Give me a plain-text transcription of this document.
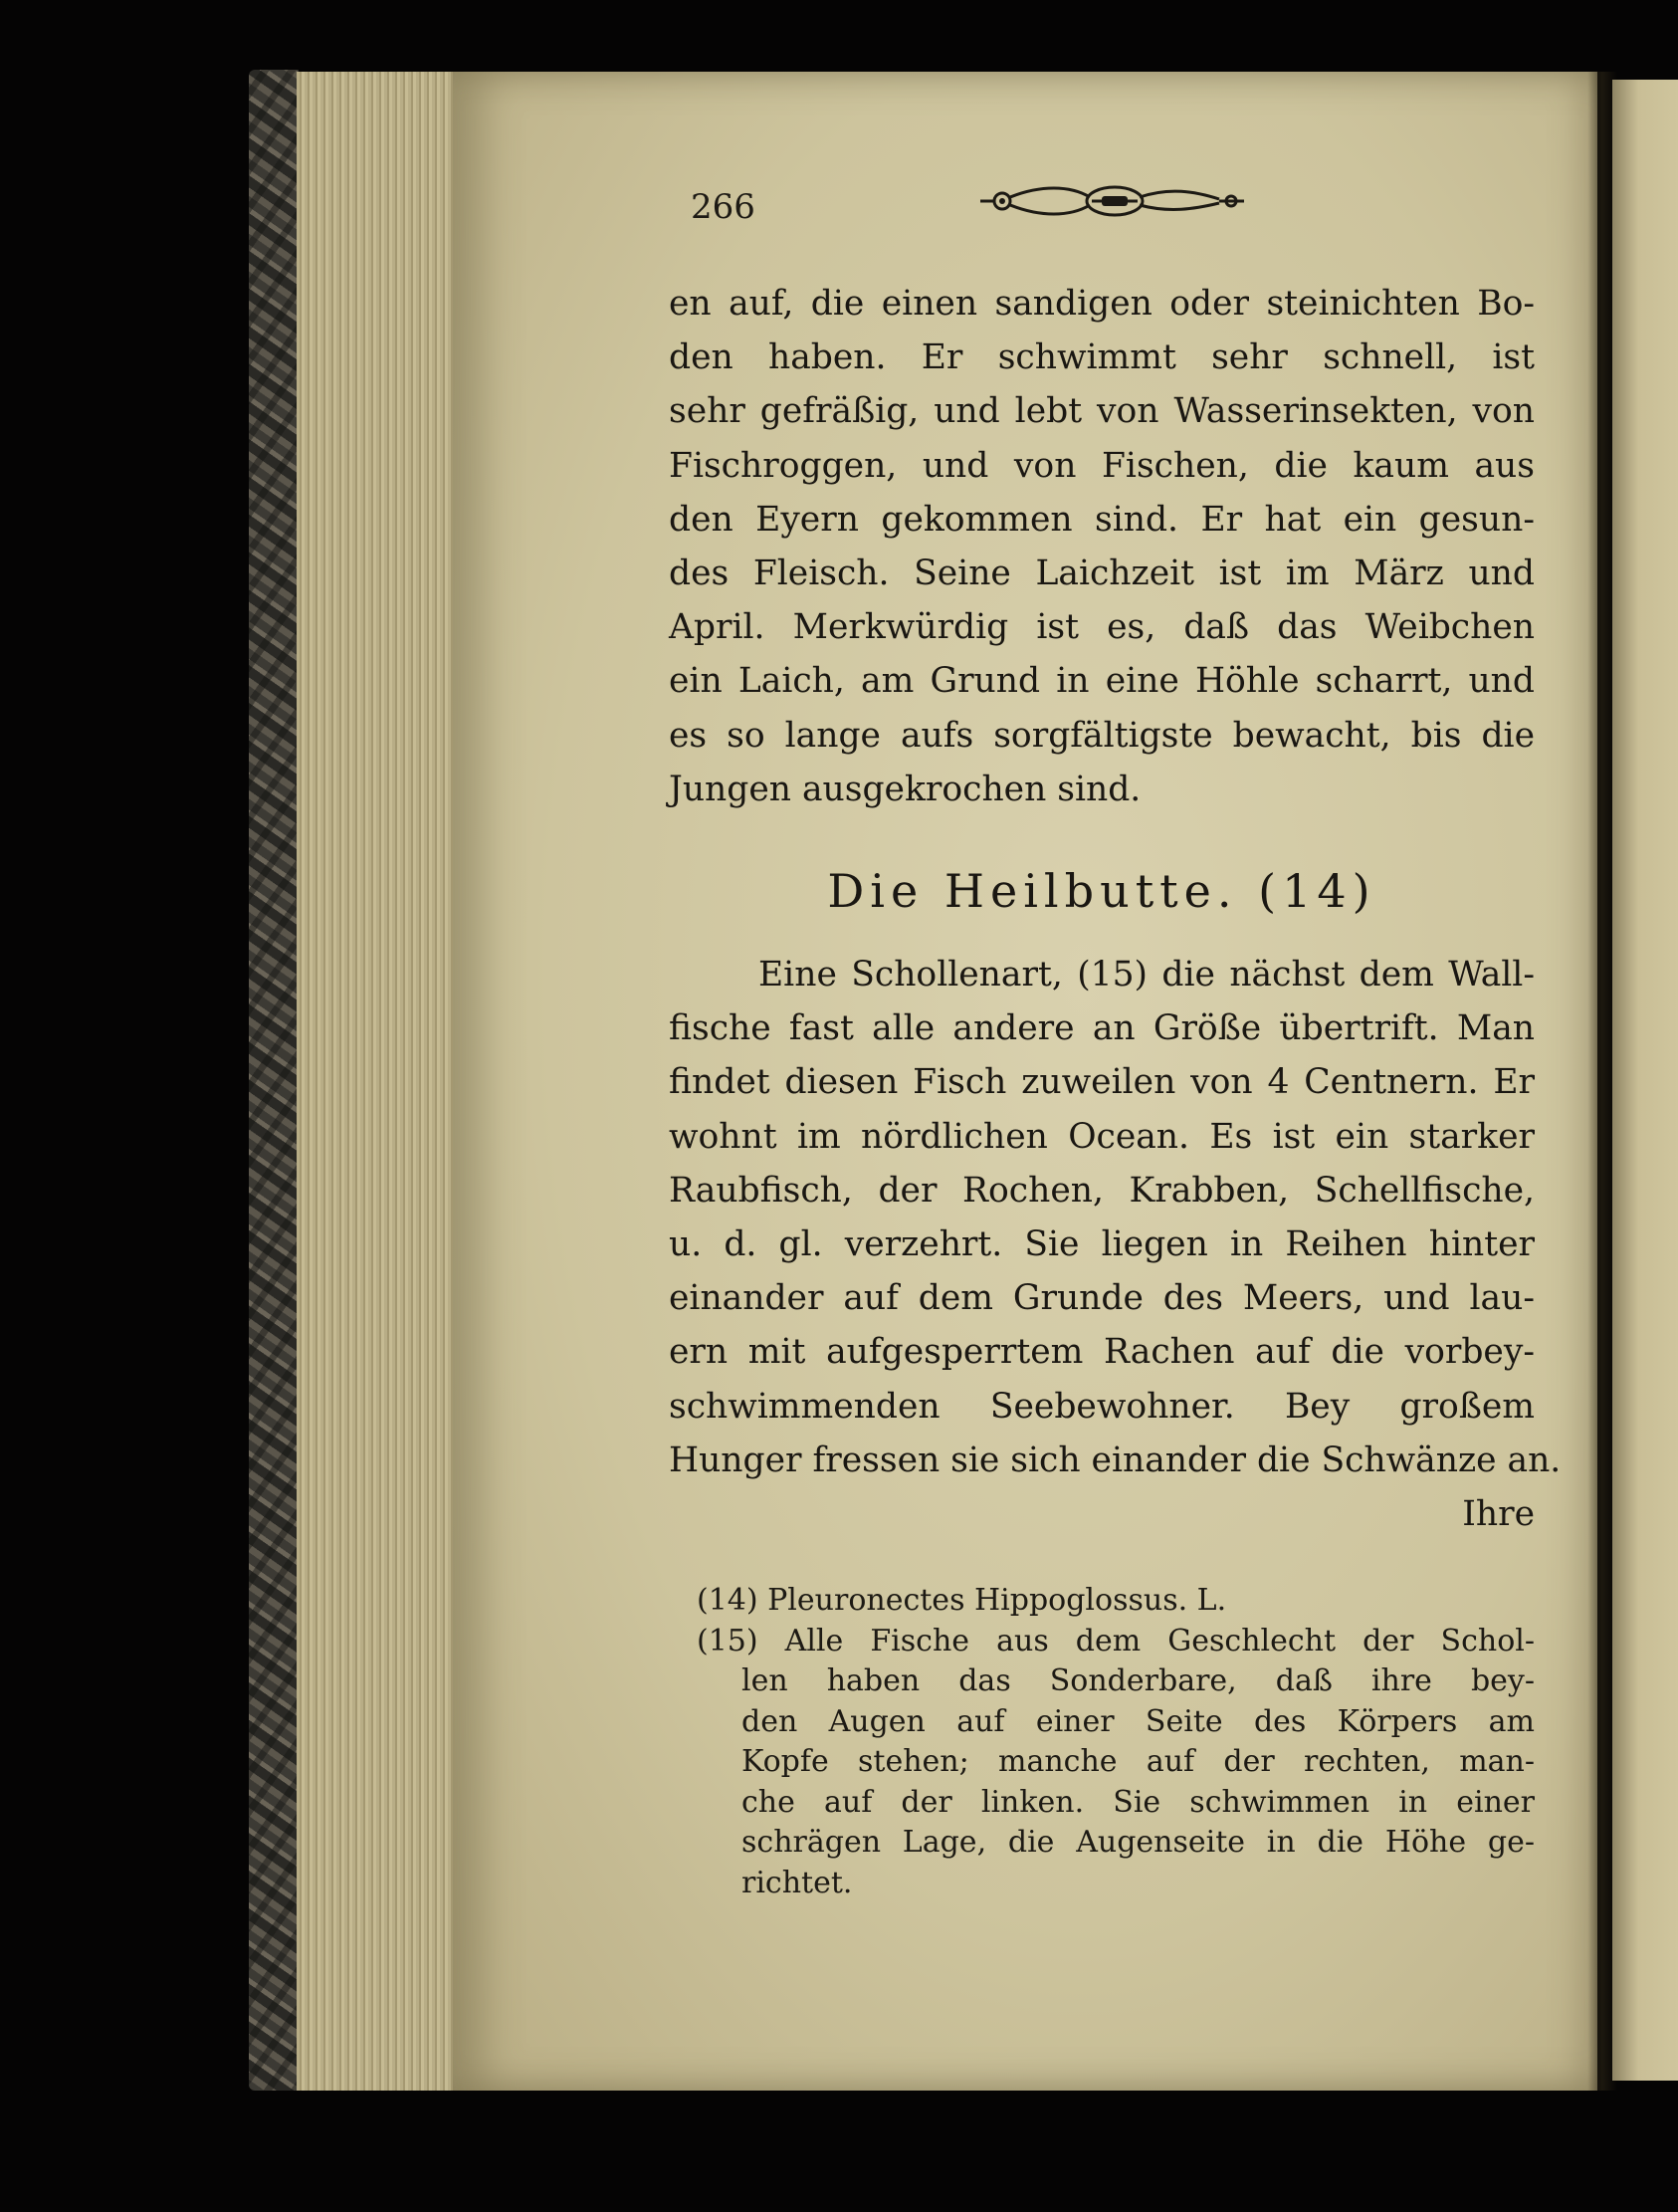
266
en auf, die einen sandigen oder steinichten Bo-
den haben. Er schwimmt sehr schnell, ist
sehr gefräßig, und lebt von Wasserinsekten, von
Fischroggen, und von Fischen, die kaum aus
den Eyern gekommen sind. Er hat ein gesun-
des Fleisch. Seine Laichzeit ist im März und
April. Merkwürdig ist es, daß das Weibchen
ein Laich, am Grund in eine Höhle scharrt, und
es so lange aufs sorgfältigste bewacht, bis die
Jungen ausgekrochen sind.
Die Heilbutte. (14)
Eine Schollenart, (15) die nächst dem Wall-
fische fast alle andere an Größe übertrift. Man
findet diesen Fisch zuweilen von 4 Centnern. Er
wohnt im nördlichen Ocean. Es ist ein starker
Raubfisch, der Rochen, Krabben, Schellfische,
u. d. gl. verzehrt. Sie liegen in Reihen hinter
einander auf dem Grunde des Meers, und lau-
ern mit aufgesperrtem Rachen auf die vorbey-
schwimmenden Seebewohner. Bey großem
Hunger fressen sie sich einander die Schwänze an.
Ihre
(14) Pleuronectes Hippoglossus. L.
(15) Alle Fische aus dem Geschlecht der Schol-
len haben das Sonderbare, daß ihre bey-
den Augen auf einer Seite des Körpers am
Kopfe stehen; manche auf der rechten, man-
che auf der linken. Sie schwimmen in einer
schrägen Lage, die Augenseite in die Höhe ge-
richtet.
